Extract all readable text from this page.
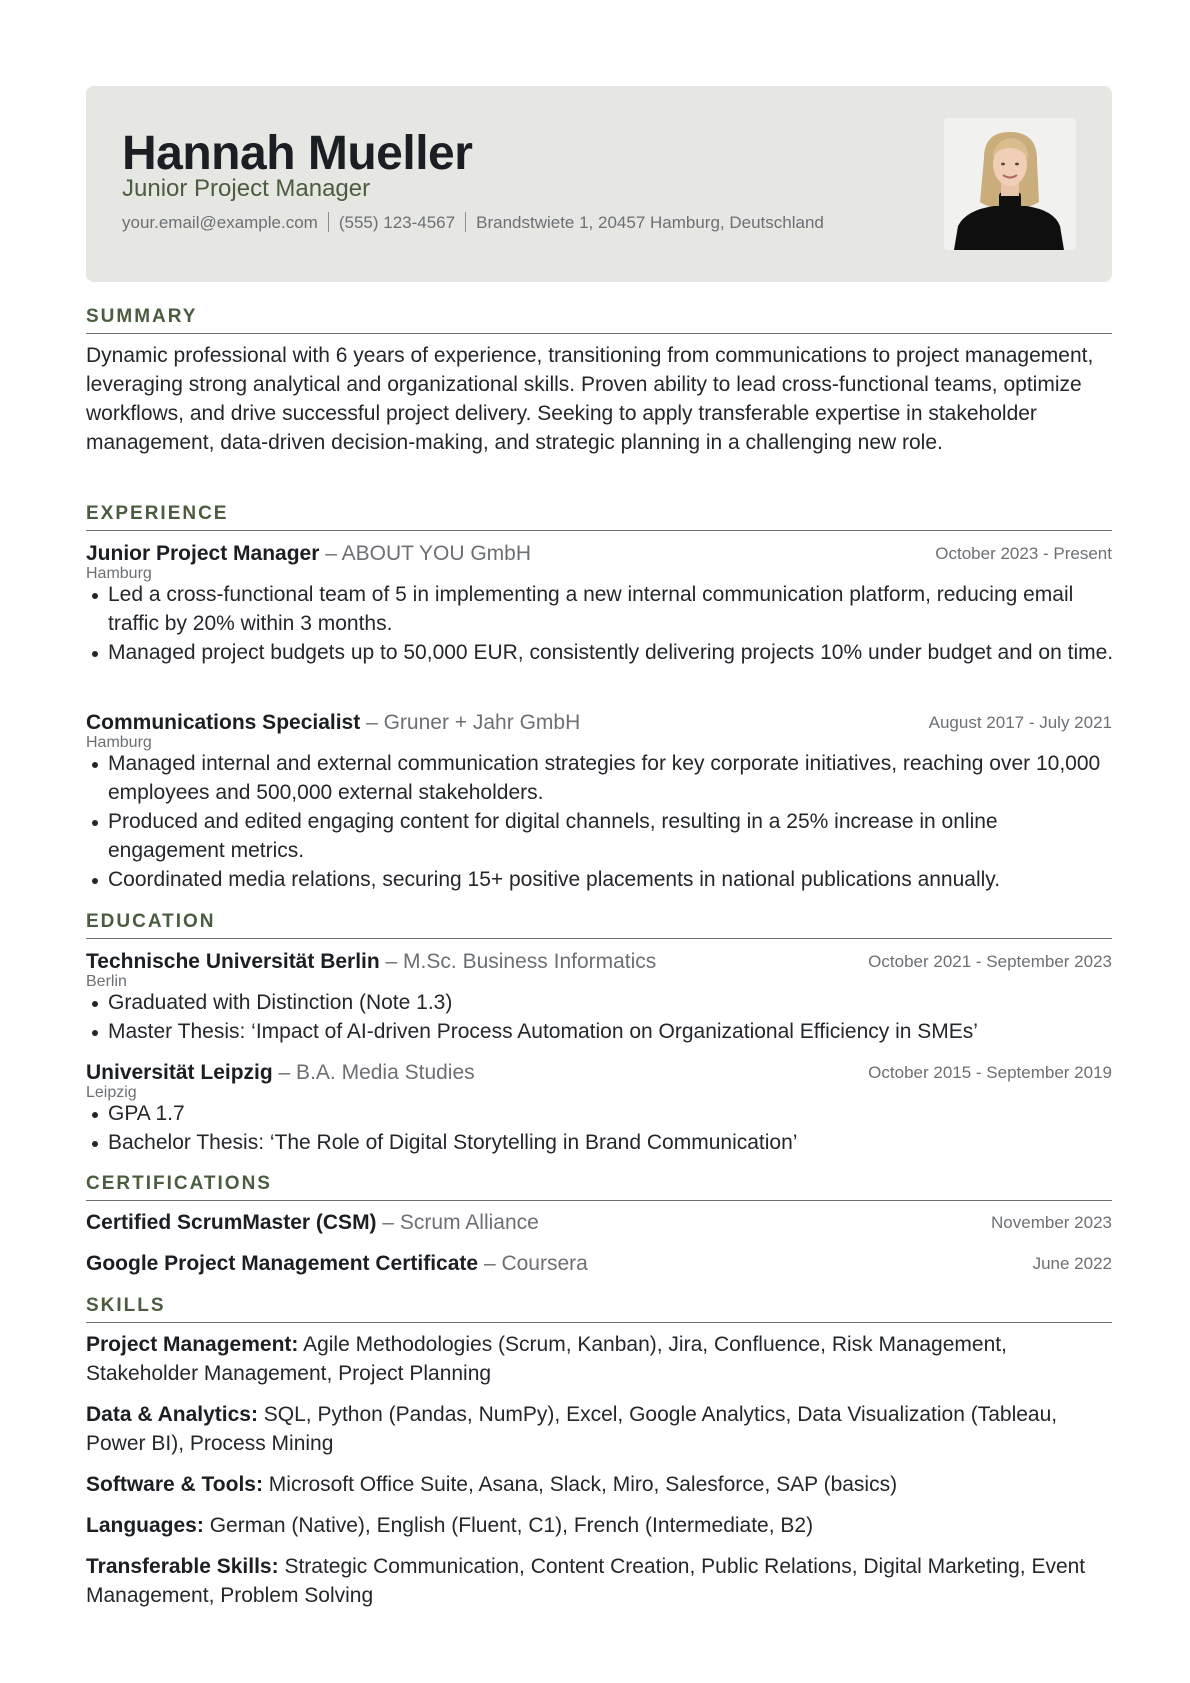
Hannah Mueller
Junior Project Manager
your.email@example.com (555) 123-4567 Brandstwiete 1, 20457 Hamburg, Deutschland
SUMMARY
Dynamic professional with 6 years of experience, transitioning from communications to project management, leveraging strong analytical and organizational skills. Proven ability to lead cross-functional teams, optimize workflows, and drive successful project delivery. Seeking to apply transferable expertise in stakeholder management, data-driven decision-making, and strategic planning in a challenging new role.
EXPERIENCE
Junior Project Manager – ABOUT YOU GmbH	October 2023 - Present
Hamburg
Led a cross-functional team of 5 in implementing a new internal communication platform, reducing email traffic by 20% within 3 months.
Managed project budgets up to 50,000 EUR, consistently delivering projects 10% under budget and on time.
Communications Specialist – Gruner + Jahr GmbH	August 2017 - July 2021
Hamburg
Managed internal and external communication strategies for key corporate initiatives, reaching over 10,000 employees and 500,000 external stakeholders.
Produced and edited engaging content for digital channels, resulting in a 25% increase in online engagement metrics.
Coordinated media relations, securing 15+ positive placements in national publications annually.
EDUCATION
Technische Universität Berlin – M.Sc. Business Informatics	October 2021 - September 2023
Berlin
Graduated with Distinction (Note 1.3)
Master Thesis: ‘Impact of AI-driven Process Automation on Organizational Efficiency in SMEs’
Universität Leipzig – B.A. Media Studies	October 2015 - September 2019
Leipzig
GPA 1.7
Bachelor Thesis: ‘The Role of Digital Storytelling in Brand Communication’
CERTIFICATIONS
Certified ScrumMaster (CSM) – Scrum Alliance	November 2023
Google Project Management Certificate – Coursera	June 2022
SKILLS
Project Management: Agile Methodologies (Scrum, Kanban), Jira, Confluence, Risk Management, Stakeholder Management, Project Planning
Data & Analytics: SQL, Python (Pandas, NumPy), Excel, Google Analytics, Data Visualization (Tableau, Power BI), Process Mining
Software & Tools: Microsoft Office Suite, Asana, Slack, Miro, Salesforce, SAP (basics)
Languages: German (Native), English (Fluent, C1), French (Intermediate, B2)
Transferable Skills: Strategic Communication, Content Creation, Public Relations, Digital Marketing, Event Management, Problem Solving
